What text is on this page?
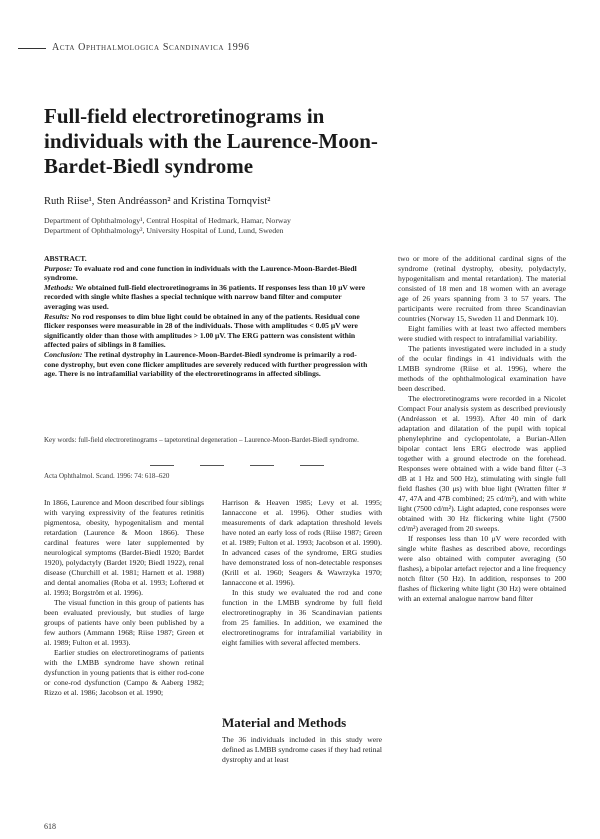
Acta Ophthalmologica Scandinavica 1996
Full-field electroretinograms in individuals with the Laurence-Moon-Bardet-Biedl syndrome
Ruth Riise¹, Sten Andréasson² and Kristina Tornqvist²
Department of Ophthalmology¹, Central Hospital of Hedmark, Hamar, Norway
Department of Ophthalmology², University Hospital of Lund, Lund, Sweden
ABSTRACT.

Purpose: To evaluate rod and cone function in individuals with the Laurence-Moon-Bardet-Biedl syndrome.

Methods: We obtained full-field electroretinograms in 36 patients. If responses less than 10 μV were recorded with single white flashes a special technique with narrow band filter and computer averaging was used.

Results: No rod responses to dim blue light could be obtained in any of the patients. Residual cone flicker responses were measurable in 28 of the individuals. Those with amplitudes < 0.05 μV were significantly older than those with amplitudes > 1.00 μV. The ERG pattern was consistent within affected pairs of siblings in 8 families.

Conclusion: The retinal dystrophy in Laurence-Moon-Bardet-Biedl syndrome is primarily a rod-cone dystrophy, but even cone flicker amplitudes are severely reduced with further progression with age. There is no intrafamilial variability of the electroretinograms in affected siblings.

Key words: full-field electroretinograms – tapetoretinal degeneration – Laurence-Moon-Bardet-Biedl syndrome.
Acta Ophthalmol. Scand. 1996: 74: 618–620

two or more of the additional cardinal signs of the syndrome (retinal dystrophy, obesity, polydactyly, hypogenitalism and mental retardation). The material consisted of 18 men and 18 women with an average age of 26 years spanning from 3 to 57 years. The participants were recruited from three Scandinavian countries (Norway 15, Sweden 11 and Denmark 10).

Eight families with at least two affected members were studied with respect to intrafamilial variability.

The patients investigated were included in a study of the ocular findings in 41 individuals with the LMBB syndrome (Riise et al. 1996), where the methods of the ophthalmological examination have been described.

The electroretinograms were recorded in a Nicolet Compact Four analysis system as described previously (Andréasson et al. 1993). After 40 min of dark adaptation and dilatation of the pupil with topical phenylephrine and cyclopentolate, a Burian-Allen bipolar contact lens ERG electrode was applied together with a ground electrode on the forehead. Responses were obtained with a wide band filter (–3 dB at 1 Hz and 500 Hz), stimulating with single full field flashes (30 μs) with blue light (Wratten filter # 47, 47A and 47B combined; 25 cd/m²), and with white light (7500 cd/m²). Light adapted, cone responses were obtained with 30 Hz flickering white light (7500 cd/m²) averaged from 20 sweeps.

If responses less than 10 μV were recorded with single white flashes as described above, recordings were also obtained with computer averaging (50 flashes), a bipolar artefact rejector and a line frequency notch filter (50 Hz). In addition, responses to 200 flashes of flickering white light (30 Hz) were obtained with an external analogue narrow band filter

In 1866, Laurence and Moon described four siblings with varying expressivity of the features retinitis pigmentosa, obesity, hypogenitalism and mental retardation (Laurence & Moon 1866). These cardinal features were later supplemented by neurological symptoms (Bardet-Biedl 1920; Bardet 1920), polydactyly (Bardet 1920; Biedl 1922), renal disease (Churchill et al. 1981; Harnett et al. 1988) and dental anomalies (Roba et al. 1993; Lofterød et al. 1993; Borgström et al. 1996).

The visual function in this group of patients has been evaluated previously, but studies of large groups of patients have only been published by a few authors (Ammann 1968; Riise 1987; Green et al. 1989; Fulton et al. 1993).

Earlier studies on electroretinograms of patients with the LMBB syndrome have shown retinal dysfunction in young patients that is either rod-cone or cone-rod dysfunction (Campo & Aaberg 1982; Rizzo et al. 1986; Jacobson et al. 1990;

Harrison & Heaven 1985; Levy et al. 1995; Iannaccone et al. 1996). Other studies with measurements of dark adaptation threshold levels have noted an early loss of rods (Riise 1987; Green et al. 1989; Fulton et al. 1993; Jacobson et al. 1990). In advanced cases of the syndrome, ERG studies have demonstrated loss of non-detectable responses (Krill et al. 1960; Seagers & Wawrzyka 1970; Iannaccone et al. 1996).

In this study we evaluated the rod and cone function in the LMBB syndrome by full field electroretinography in 36 Scandinavian patients from 25 families. In addition, we examined the electroretinograms for intrafamilial variability in eight families with several affected members.

Material and Methods
The 36 individuals included in this study were defined as LMBB syndrome cases if they had retinal dystrophy and at least
618
